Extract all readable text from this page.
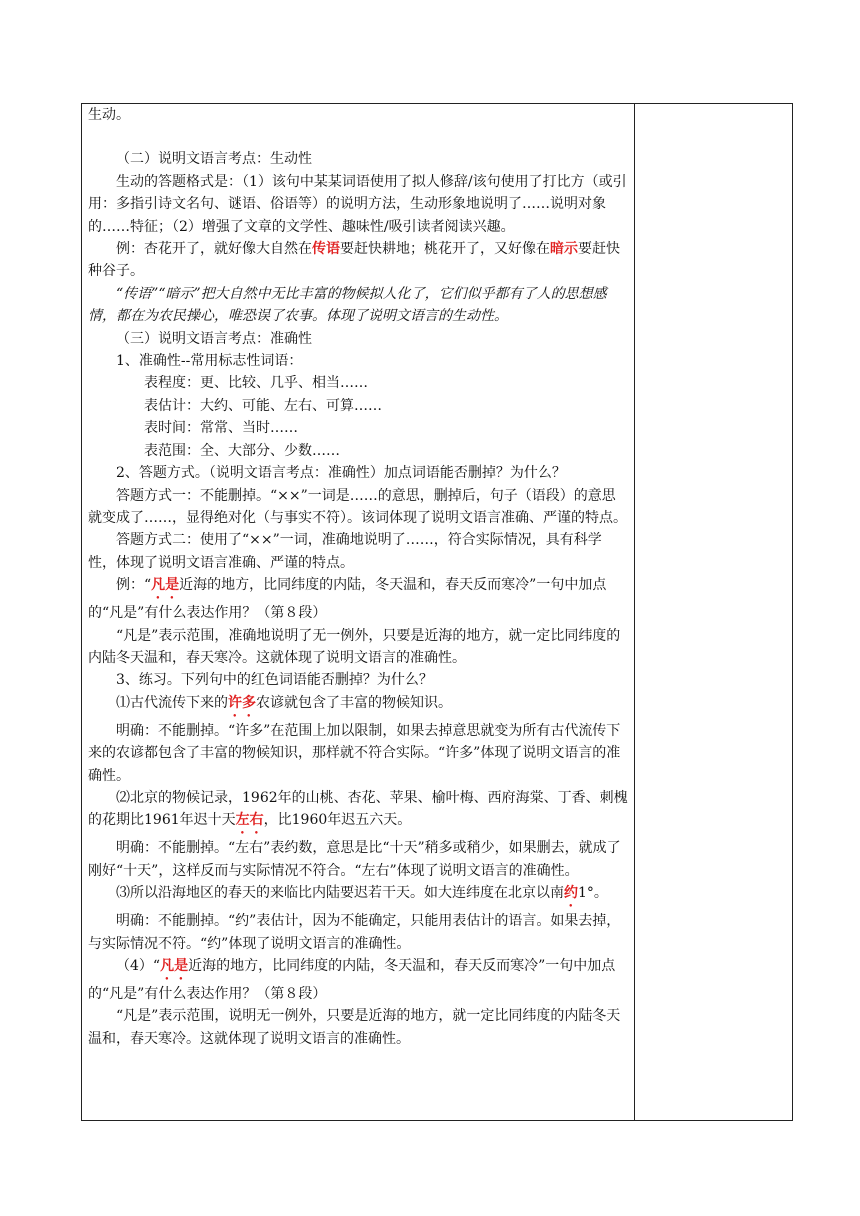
生动。

（二）说明文语言考点：生动性

生动的答题格式是：（1）该句中某某词语使用了拟人修辞/该句使用了打比方（或引用：多指引诗文名句、谜语、俗语等）的说明方法，生动形象地说明了……说明对象的……特征；（2）增强了文章的文学性、趣味性/吸引读者阅读兴趣。

例：杏花开了，就好像大自然在传语要赶快耕地；桃花开了，又好像在暗示要赶快种谷子。

“传语”“暗示”把大自然中无比丰富的物候拟人化了，它们似乎都有了人的思想感情，都在为农民操心，唯恐误了农事。体现了说明文语言的生动性。

（三）说明文语言考点：准确性

1、准确性--常用标志性词语：

表程度：更、比较、几乎、相当……

表估计：大约、可能、左右、可算……

表时间：常常、当时……

表范围：全、大部分、少数……

2、答题方式。（说明文语言考点：准确性）加点词语能否删掉？为什么？

答题方式一：不能删掉。“××”一词是……的意思，删掉后，句子（语段）的意思就变成了……，显得绝对化（与事实不符）。该词体现了说明文语言准确、严谨的特点。

答题方式二：使用了“××”一词，准确地说明了……，符合实际情况，具有科学性，体现了说明文语言准确、严谨的特点。

例：“凡是近海的地方，比同纬度的内陆，冬天温和，春天反而寒冷”一句中加点的“凡是”有什么表达作用？（第８段）

“凡是”表示范围，准确地说明了无一例外，只要是近海的地方，就一定比同纬度的内陆冬天温和，春天寒冷。这就体现了说明文语言的准确性。

3、练习。下列句中的红色词语能否删掉？为什么？

⑴古代流传下来的许多农谚就包含了丰富的物候知识。

明确：不能删掉。“许多”在范围上加以限制，如果去掉意思就变为所有古代流传下来的农谚都包含了丰富的物候知识，那样就不符合实际。“许多”体现了说明文语言的准确性。

⑵北京的物候记录，1962年的山桃、杏花、苹果、榆叶梅、西府海棠、丁香、刺槐的花期比1961年迟十天左右，比1960年迟五六天。

明确：不能删掉。“左右”表约数，意思是比“十天”稍多或稍少，如果删去，就成了刚好“十天”，这样反而与实际情况不符合。“左右”体现了说明文语言的准确性。

⑶所以沿海地区的春天的来临比内陆要迟若干天。如大连纬度在北京以南约1°。

明确：不能删掉。“约”表估计，因为不能确定，只能用表估计的语言。如果去掉，与实际情况不符。“约”体现了说明文语言的准确性。

（4）“凡是近海的地方，比同纬度的内陆，冬天温和，春天反而寒冷”一句中加点的“凡是”有什么表达作用？（第８段）

“凡是”表示范围，说明无一例外，只要是近海的地方，就一定比同纬度的内陆冬天温和，春天寒冷。这就体现了说明文语言的准确性。
